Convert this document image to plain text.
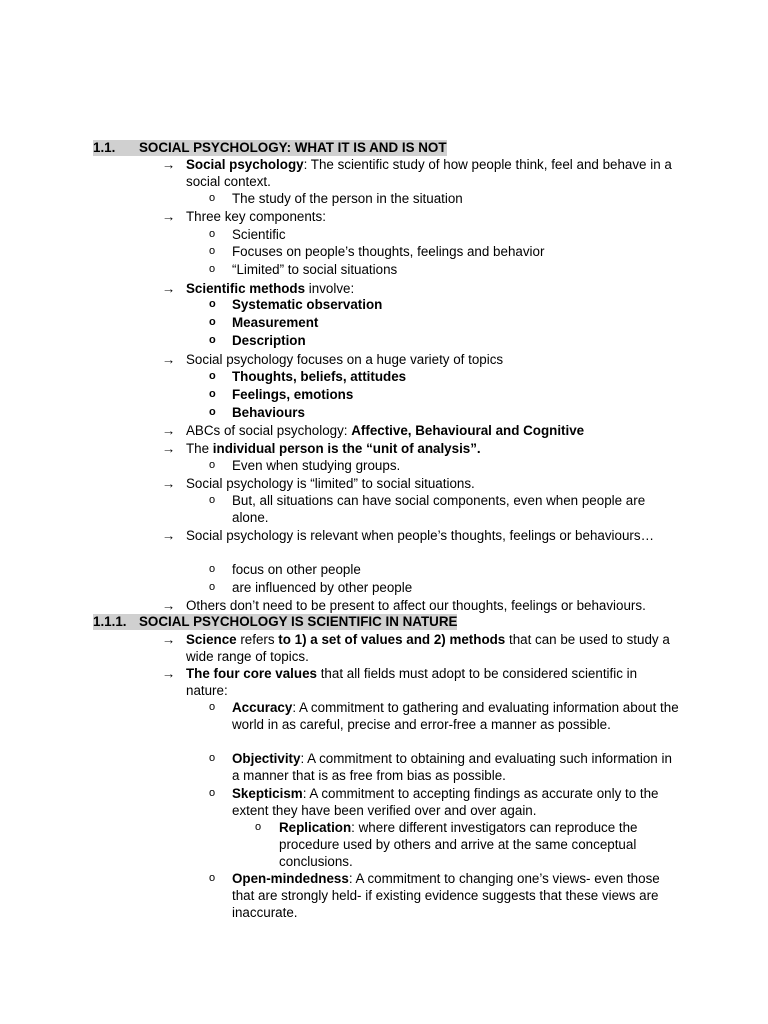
1.1. SOCIAL PSYCHOLOGY: WHAT IT IS AND IS NOT
→ Social psychology: The scientific study of how people think, feel and behave in a social context.
o The study of the person in the situation
→ Three key components:
o Scientific
o Focuses on people’s thoughts, feelings and behavior
o “Limited” to social situations
→ Scientific methods involve:
o Systematic observation
o Measurement
o Description
→ Social psychology focuses on a huge variety of topics
o Thoughts, beliefs, attitudes
o Feelings, emotions
o Behaviours
→ ABCs of social psychology: Affective, Behavioural and Cognitive
→ The individual person is the “unit of analysis”.
o Even when studying groups.
→ Social psychology is “limited” to social situations.
o But, all situations can have social components, even when people are alone.
→ Social psychology is relevant when people’s thoughts, feelings or behaviours…
o focus on other people
o are influenced by other people
→ Others don’t need to be present to affect our thoughts, feelings or behaviours.
1.1.1. SOCIAL PSYCHOLOGY IS SCIENTIFIC IN NATURE
→ Science refers to 1) a set of values and 2) methods that can be used to study a wide range of topics.
→ The four core values that all fields must adopt to be considered scientific in nature:
o Accuracy: A commitment to gathering and evaluating information about the world in as careful, precise and error-free a manner as possible.
o Objectivity: A commitment to obtaining and evaluating such information in a manner that is as free from bias as possible.
o Skepticism: A commitment to accepting findings as accurate only to the extent they have been verified over and over again.
o Replication: where different investigators can reproduce the procedure used by others and arrive at the same conceptual conclusions.
o Open-mindedness: A commitment to changing one’s views- even those that are strongly held- if existing evidence suggests that these views are inaccurate.
